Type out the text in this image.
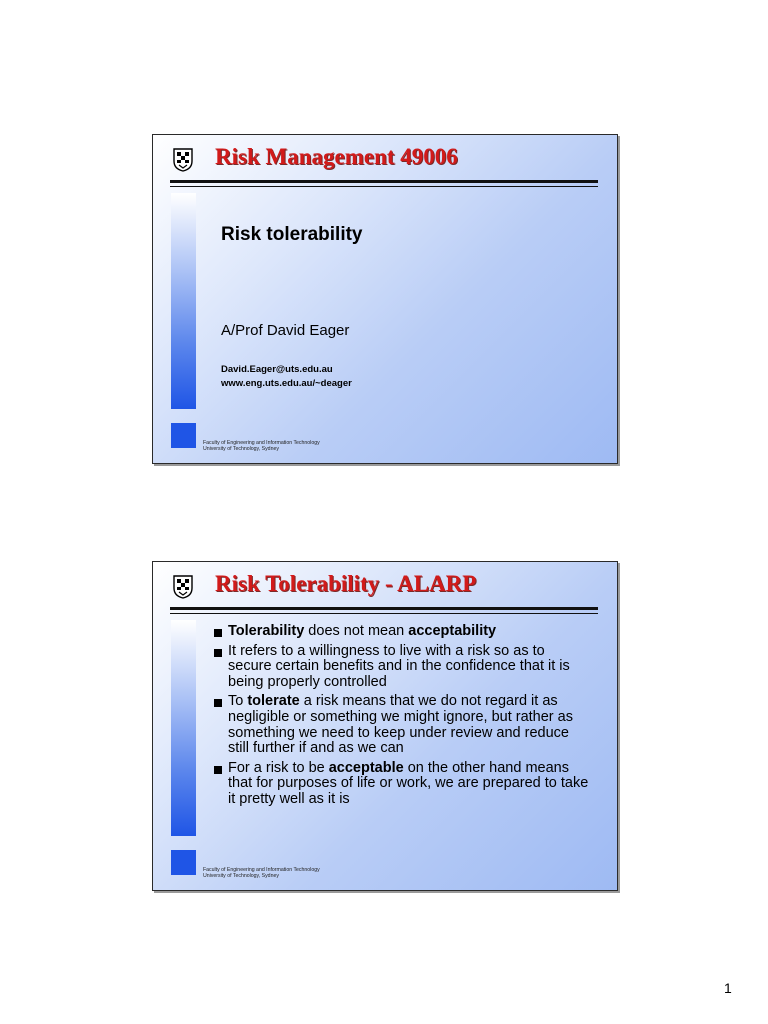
Risk Management 49006
Risk tolerability
A/Prof David Eager
David.Eager@uts.edu.au
www.eng.uts.edu.au/~deager
Faculty of Engineering and Information Technology
University of Technology, Sydney
Risk Tolerability - ALARP
Tolerability does not mean acceptability
It refers to a willingness to live with a risk so as to secure certain benefits and in the confidence that it is being properly controlled
To tolerate a risk means that we do not regard it as negligible or something we might ignore, but rather as something we need to keep under review and reduce still further if and as we can
For a risk to be acceptable on the other hand means that for purposes of life or work, we are prepared to take it pretty well as it is
Faculty of Engineering and Information Technology
University of Technology, Sydney
1
